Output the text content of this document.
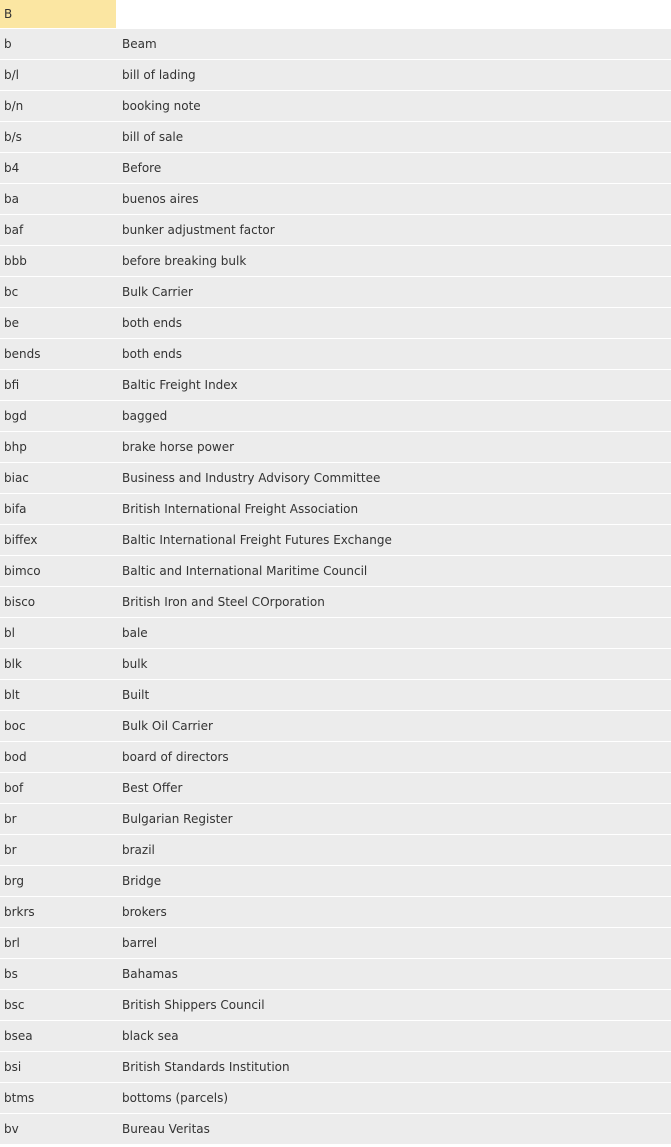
B	
b	Beam
b/l	bill of lading
b/n	booking note
b/s	bill of sale
b4	Before
ba	buenos aires
baf	bunker adjustment factor
bbb	before breaking bulk
bc	Bulk Carrier
be	both ends
bends	both ends
bfi	Baltic Freight Index
bgd	bagged
bhp	brake horse power
biac	Business and Industry Advisory Committee
bifa	British International Freight Association
biffex	Baltic International Freight Futures Exchange
bimco	Baltic and International Maritime Council
bisco	British Iron and Steel COrporation
bl	bale
blk	bulk
blt	Built
boc	Bulk Oil Carrier
bod	board of directors
bof	Best Offer
br	Bulgarian Register
br	brazil
brg	Bridge
brkrs	brokers
brl	barrel
bs	Bahamas
bsc	British Shippers Council
bsea	black sea
bsi	British Standards Institution
btms	bottoms (parcels)
bv	Bureau Veritas
